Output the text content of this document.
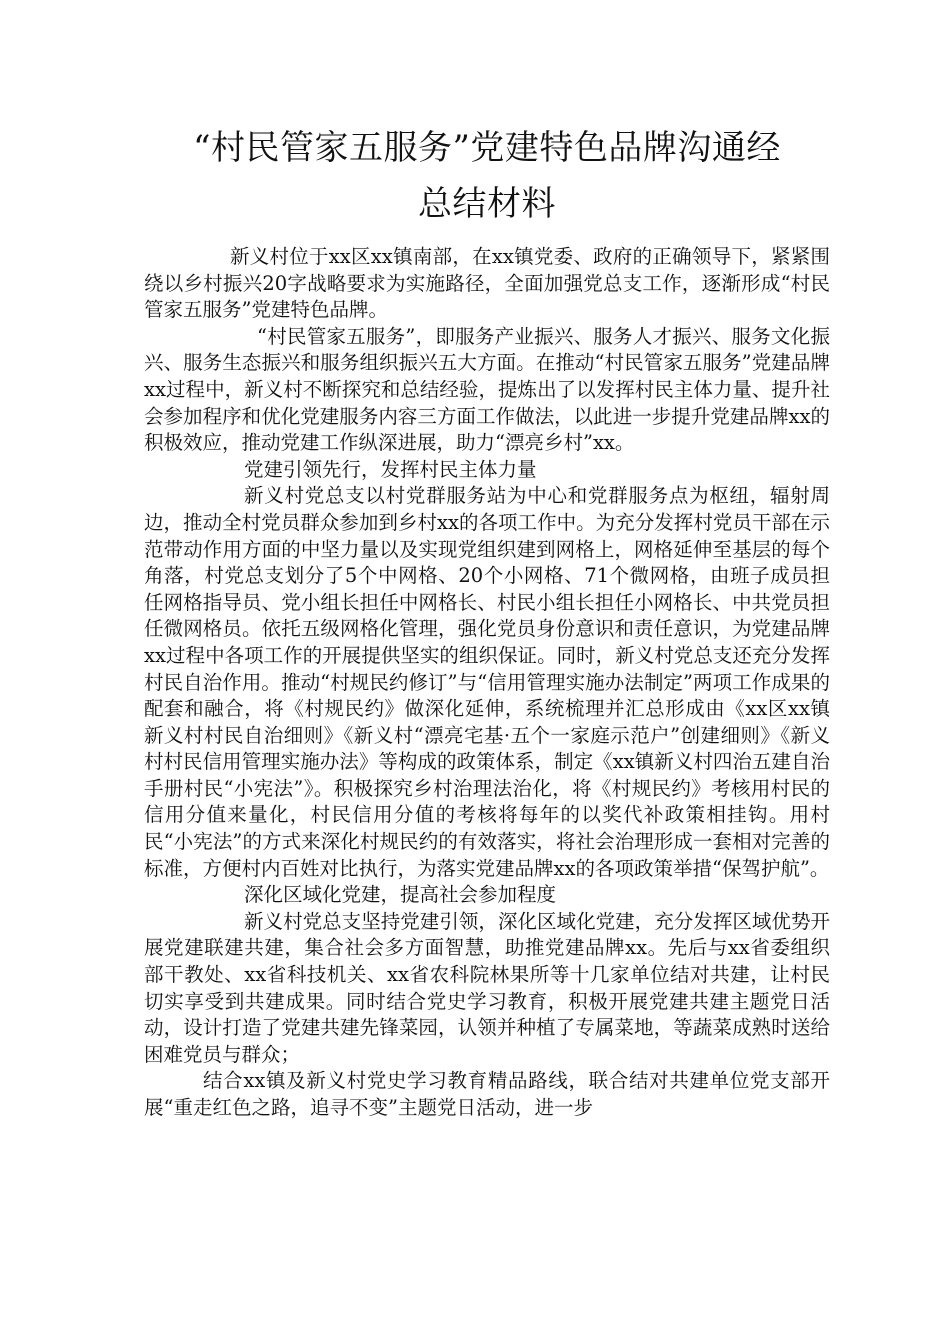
“村民管家五服务”党建特色品牌沟通经
总结材料

新义村位于xx区xx镇南部，在xx镇党委、政府的正确领导下，紧紧围绕以乡村振兴20字战略要求为实施路径，全面加强党总支工作，逐渐形成“村民管家五服务”党建特色品牌。

“村民管家五服务”，即服务产业振兴、服务人才振兴、服务文化振兴、服务生态振兴和服务组织振兴五大方面。在推动“村民管家五服务”党建品牌xx过程中，新义村不断探究和总结经验，提炼出了以发挥村民主体力量、提升社会参加程序和优化党建服务内容三方面工作做法，以此进一步提升党建品牌xx的积极效应，推动党建工作纵深进展，助力“漂亮乡村”xx。

党建引领先行，发挥村民主体力量

新义村党总支以村党群服务站为中心和党群服务点为枢纽，辐射周边，推动全村党员群众参加到乡村xx的各项工作中。为充分发挥村党员干部在示范带动作用方面的中坚力量以及实现党组织建到网格上，网格延伸至基层的每个角落，村党总支划分了5个中网格、20个小网格、71个微网格，由班子成员担任网格指导员、党小组长担任中网格长、村民小组长担任小网格长、中共党员担任微网格员。依托五级网格化管理，强化党员身份意识和责任意识，为党建品牌xx过程中各项工作的开展提供坚实的组织保证。同时，新义村党总支还充分发挥村民自治作用。推动“村规民约修订”与“信用管理实施办法制定”两项工作成果的配套和融合，将《村规民约》做深化延伸，系统梳理并汇总形成由《xx区xx镇新义村村民自治细则》《新义村“漂亮宅基·五个一家庭示范户”创建细则》《新义村村民信用管理实施办法》等构成的政策体系，制定《xx镇新义村四治五建自治手册村民“小宪法”》。积极探究乡村治理法治化，将《村规民约》考核用村民的信用分值来量化，村民信用分值的考核将每年的以奖代补政策相挂钩。用村民“小宪法”的方式来深化村规民约的有效落实，将社会治理形成一套相对完善的标准，方便村内百姓对比执行，为落实党建品牌xx的各项政策举措“保驾护航”。

深化区域化党建，提高社会参加程度

新义村党总支坚持党建引领，深化区域化党建，充分发挥区域优势开展党建联建共建，集合社会多方面智慧，助推党建品牌xx。先后与xx省委组织部干教处、xx省科技机关、xx省农科院林果所等十几家单位结对共建，让村民切实享受到共建成果。同时结合党史学习教育，积极开展党建共建主题党日活动，设计打造了党建共建先锋菜园，认领并种植了专属菜地，等蔬菜成熟时送给困难党员与群众；

结合xx镇及新义村党史学习教育精品路线，联合结对共建单位党支部开展“重走红色之路，追寻不变”主题党日活动，进一步
